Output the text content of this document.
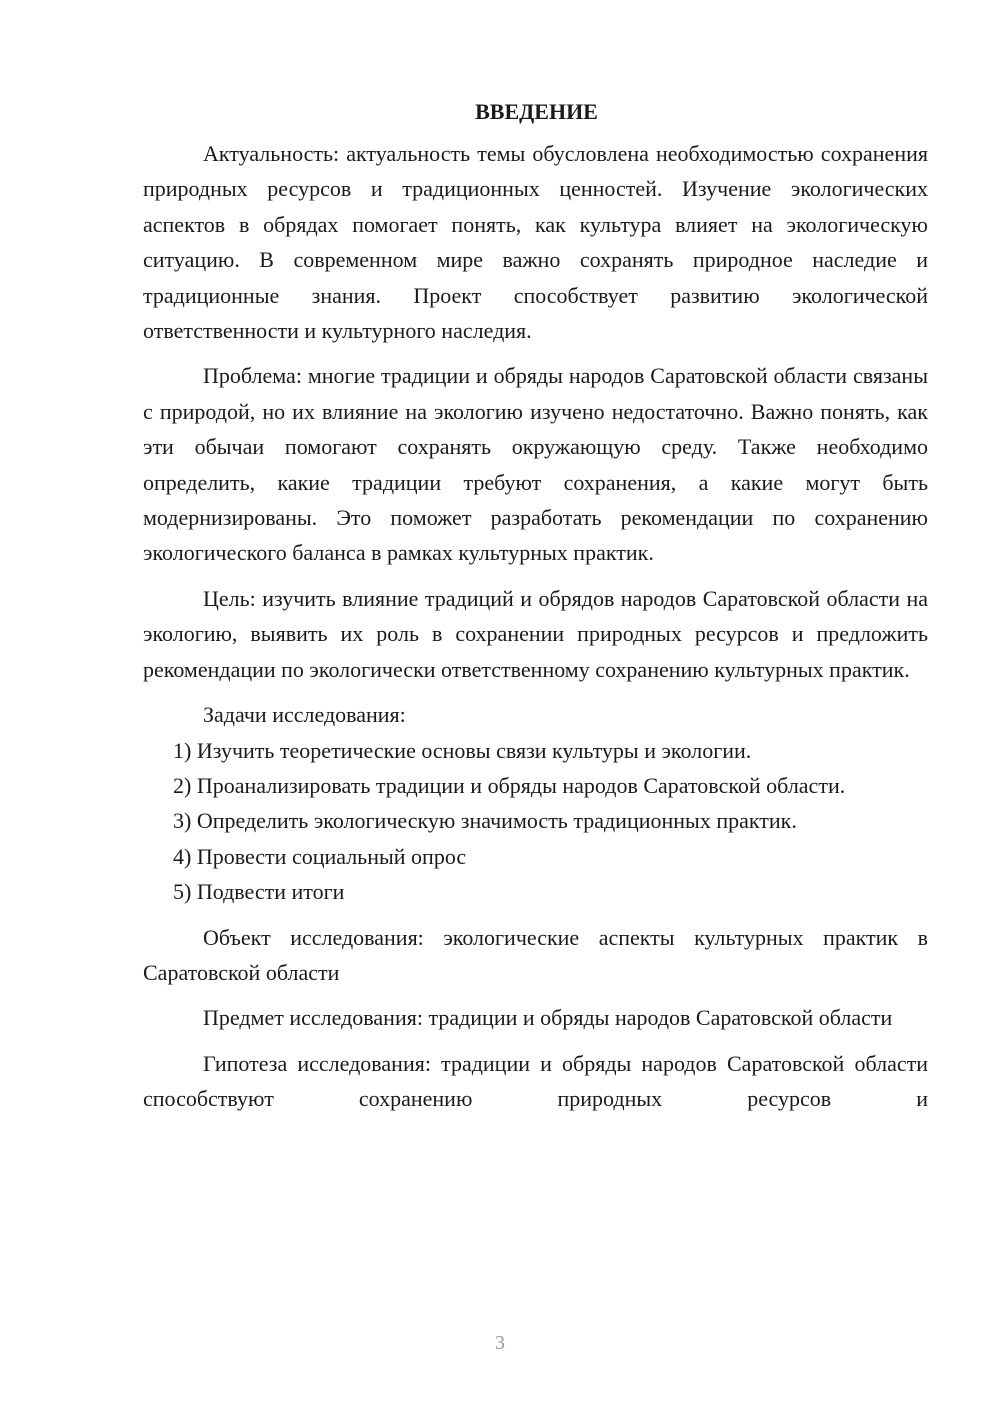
ВВЕДЕНИЕ

Актуальность: актуальность темы обусловлена необходимостью сохранения природных ресурсов и традиционных ценностей. Изучение экологических аспектов в обрядах помогает понять, как культура влияет на экологическую ситуацию. В современном мире важно сохранять природное наследие и традиционные знания. Проект способствует развитию экологической ответственности и культурного наследия.

Проблема: многие традиции и обряды народов Саратовской области связаны с природой, но их влияние на экологию изучено недостаточно. Важно понять, как эти обычаи помогают сохранять окружающую среду. Также необходимо определить, какие традиции требуют сохранения, а какие могут быть модернизированы. Это поможет разработать рекомендации по сохранению экологического баланса в рамках культурных практик.

Цель: изучить влияние традиций и обрядов народов Саратовской области на экологию, выявить их роль в сохранении природных ресурсов и предложить рекомендации по экологически ответственному сохранению культурных практик.

Задачи исследования:

1) Изучить теоретические основы связи культуры и экологии.

2) Проанализировать традиции и обряды народов Саратовской области.

3) Определить экологическую значимость традиционных практик.

4) Провести социальный опрос

5) Подвести итоги

Объект исследования: экологические аспекты культурных практик в Саратовской области

Предмет исследования: традиции и обряды народов Саратовской области

Гипотеза исследования: традиции и обряды народов Саратовской области способствуют сохранению природных ресурсов и

3
